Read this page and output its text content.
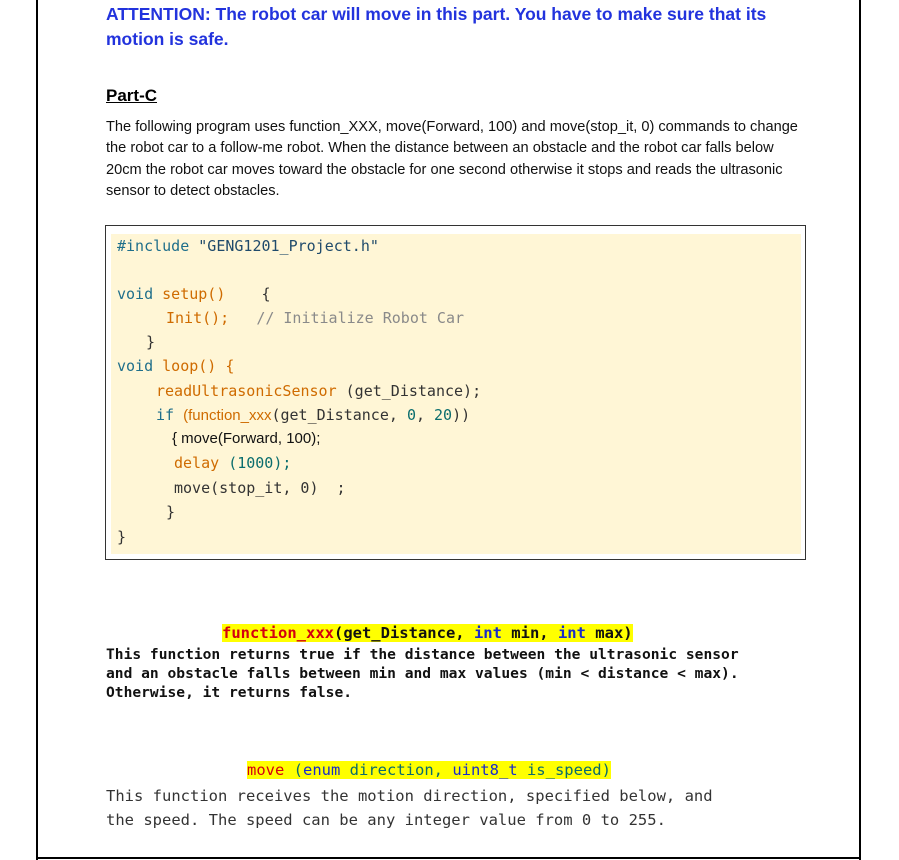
ATTENTION: The robot car will move in this part. You have to make sure that its
motion is safe.
Part-C
The following program uses function_XXX, move(Forward, 100) and move(stop_it, 0) commands to change the robot car to a follow-me robot. When the distance between an obstacle and the robot car falls below 20cm the robot car moves toward the obstacle for one second otherwise it stops and reads the ultrasonic sensor to detect obstacles.
#include "GENG1201_Project.h"
void setup() {
Init(); // Initialize Robot Car
}
void loop() {
readUltrasonicSensor (get_Distance);
if (function_xxx(get_Distance, 0, 20))
{ move(Forward, 100);
delay (1000);
move(stop_it, 0)  ;
}
}
function_xxx(get_Distance, int min, int max)
This function returns true if the distance between the ultrasonic sensor
and an obstacle falls between min and max values (min < distance < max).
Otherwise, it returns false.
move (enum direction, uint8_t is_speed)
This function receives the motion direction, specified below, and
the speed. The speed can be any integer value from 0 to 255.
